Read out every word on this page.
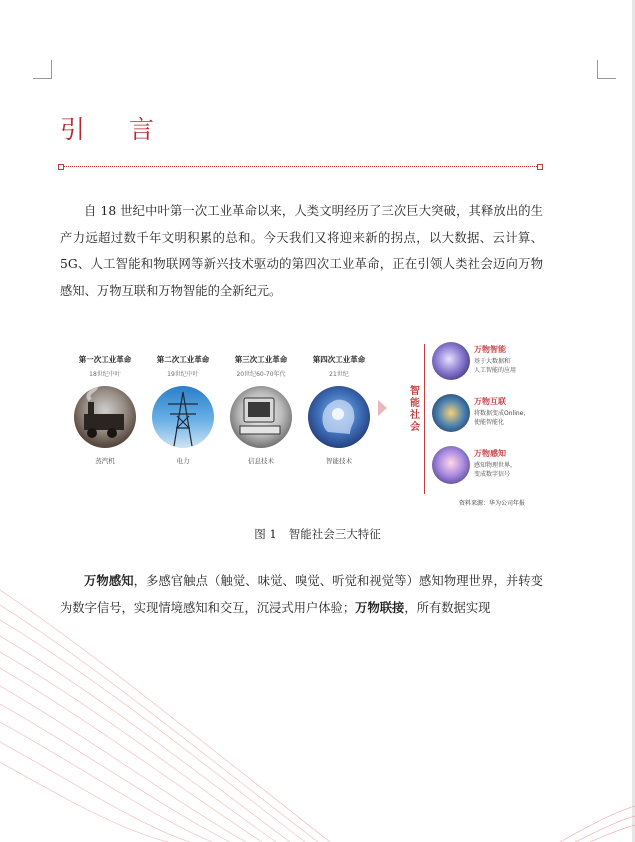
引 言

自 18 世纪中叶第一次工业革命以来，人类文明经历了三次巨大突破，其释放出的生产力远超过数千年文明积累的总和。今天我们又将迎来新的拐点，以大数据、云计算、5G、人工智能和物联网等新兴技术驱动的第四次工业革命，正在引领人类社会迈向万物感知、万物互联和万物智能的全新纪元。

第一次工业革命
18世纪中叶
蒸汽机
第二次工业革命
19世纪中叶
电力
第三次工业革命
20世纪60-70年代
信息技术
第四次工业革命
21世纪
智能技术
智能社会
万物智能
基于大数据和
人工智能的应用
万物互联
将数据变成Online，
使能智能化
万物感知
感知物理世界，
变成数字信号
资料来源：华为公司年报
图 1 智能社会三大特征

万物感知，多感官触点（触觉、味觉、嗅觉、听觉和视觉等）感知物理世界，并转变为数字信号，实现情境感知和交互，沉浸式用户体验；万物联接，所有数据实现
